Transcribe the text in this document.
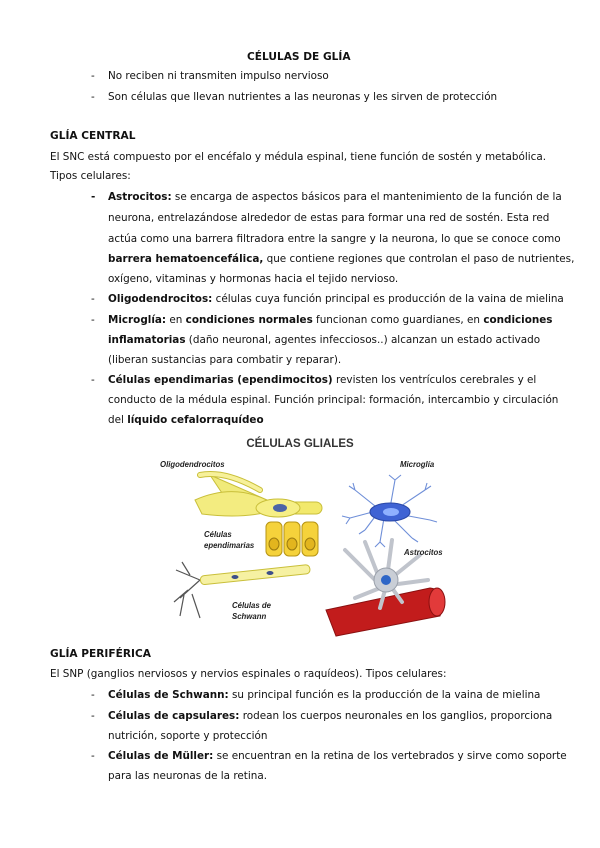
CÉLULAS DE GLÍA
- No reciben ni transmiten impulso nervioso
- Son células que llevan nutrientes a las neuronas y les sirven de protección
GLÍA CENTRAL
El SNC está compuesto por el encéfalo y médula espinal, tiene función de sostén y metabólica.
Tipos celulares:
- Astrocitos: se encarga de aspectos básicos para el mantenimiento de la función de la
neurona, entrelazándose alrededor de estas para formar una red de sostén. Esta red
actúa como una barrera filtradora entre la sangre y la neurona, lo que se conoce como
barrera hematoencefálica, que contiene regiones que controlan el paso de nutrientes,
oxígeno, vitaminas y hormonas hacia el tejido nervioso.
- Oligodendrocitos: células cuya función principal es producción de la vaina de mielina
- Microglía: en condiciones normales funcionan como guardianes, en condiciones
inflamatorias (daño neuronal, agentes infecciosos..) alcanzan un estado activado
(liberan sustancias para combatir y reparar).
- Células ependimarias (ependimocitos) revisten los ventrículos cerebrales y el
conducto de la médula espinal. Función principal: formación, intercambio y circulación
del líquido cefalorraquídeo
CÉLULAS GLIALES
Oligodendrocitos	Microglía
Células
ependimarias
Células de
Schwann
Astrocitos
GLÍA PERIFÉRICA
El SNP (ganglios nerviosos y nervios espinales o raquídeos). Tipos celulares:
- Células de Schwann: su principal función es la producción de la vaina de mielina
- Células de capsulares: rodean los cuerpos neuronales en los ganglios, proporciona
nutrición, soporte y protección
- Células de Müller: se encuentran en la retina de los vertebrados y sirve como soporte
para las neuronas de la retina.
